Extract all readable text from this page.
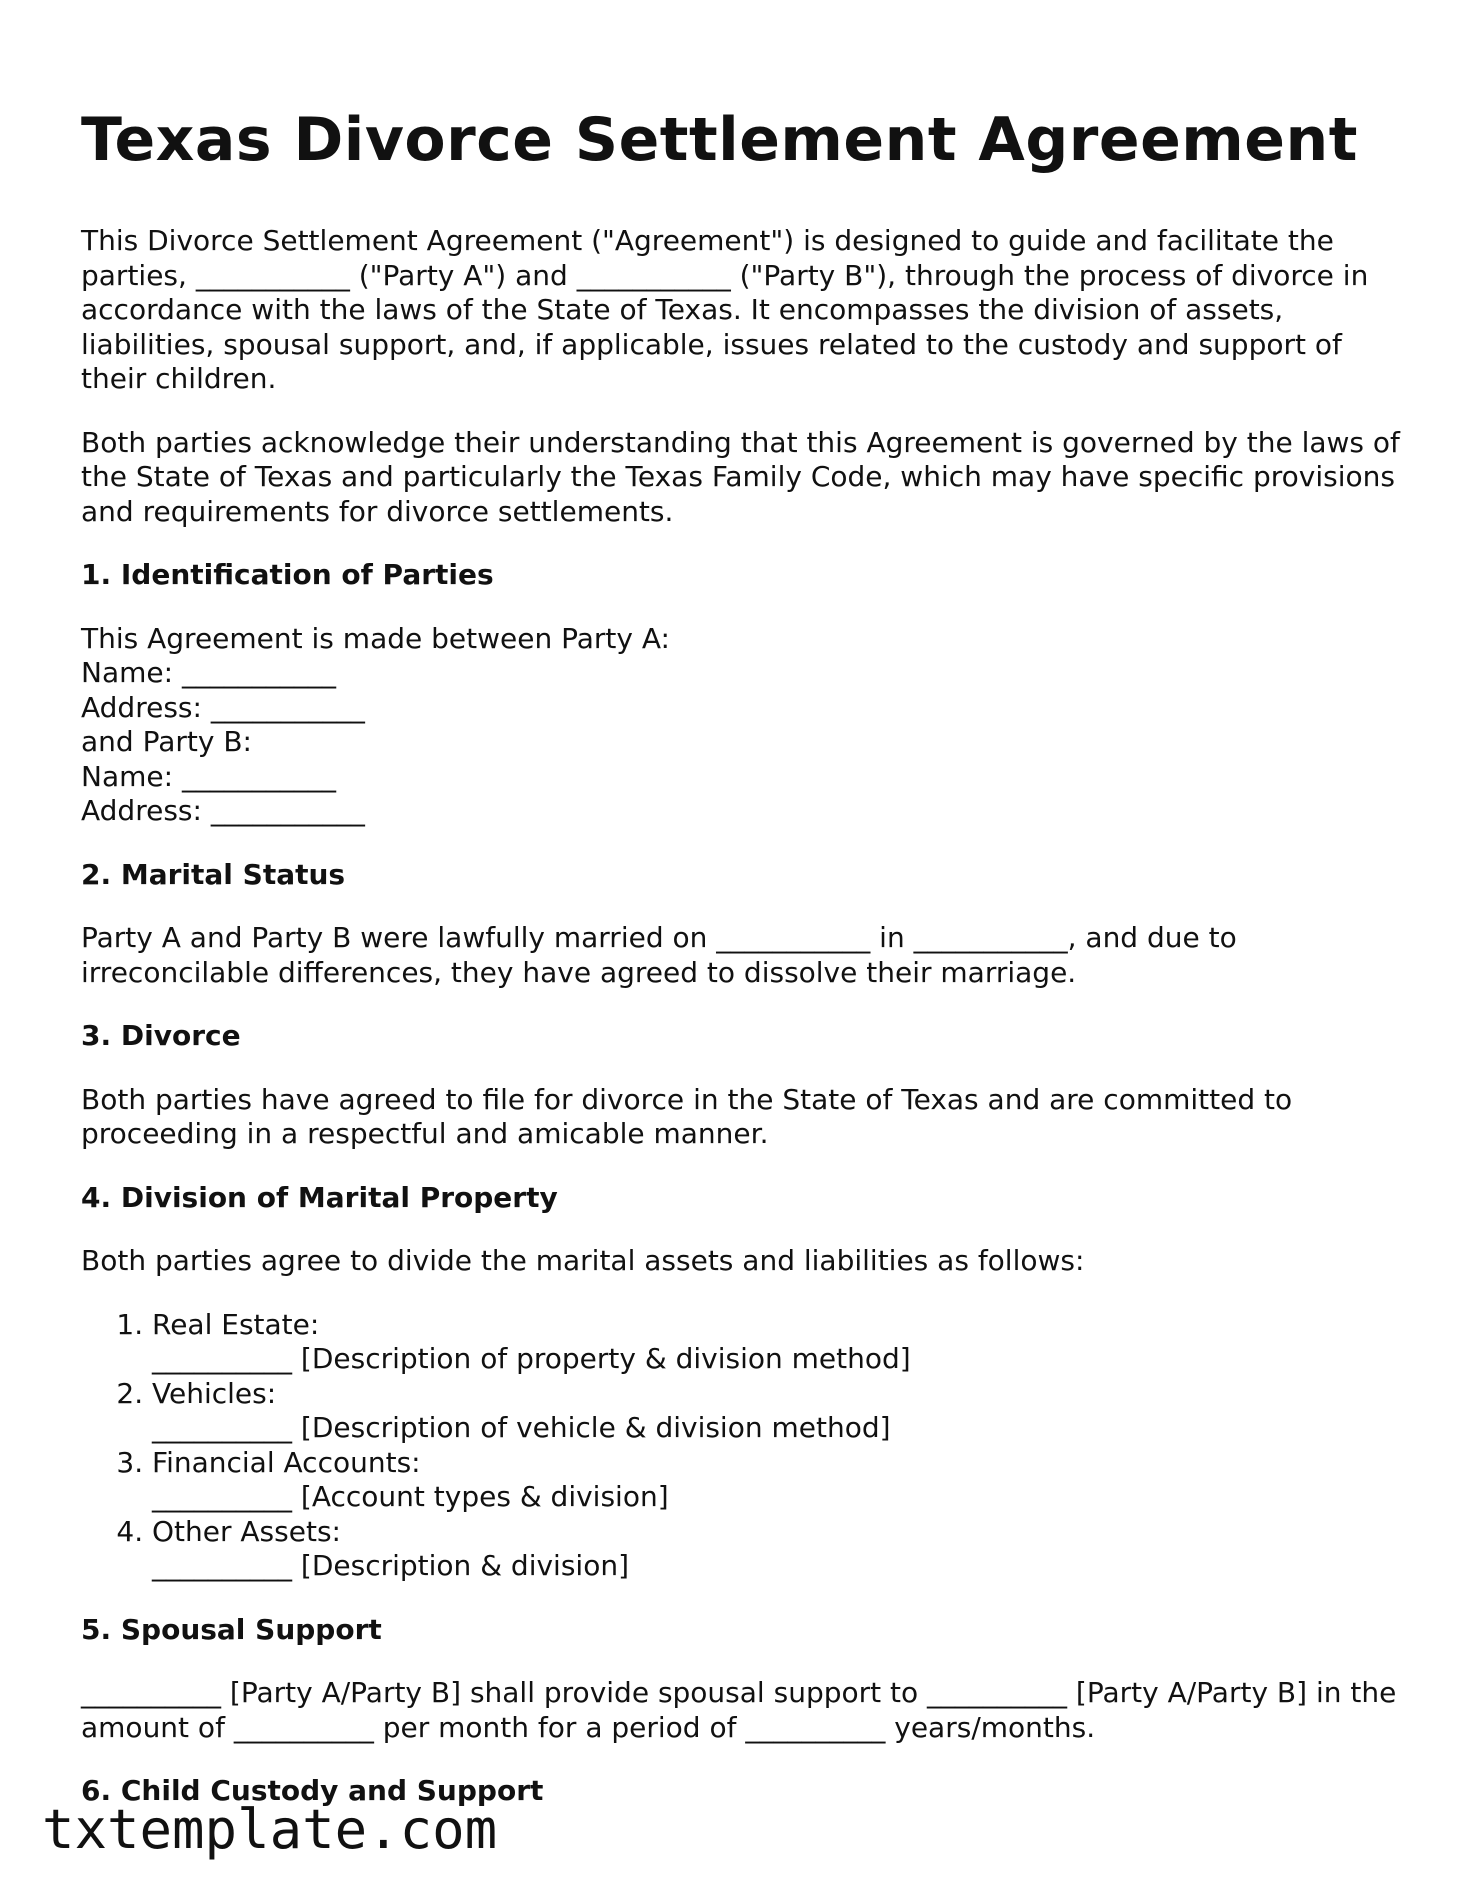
Texas Divorce Settlement Agreement

This Divorce Settlement Agreement ("Agreement") is designed to guide and facilitate the parties, ___________ ("Party A") and ___________ ("Party B"), through the process of divorce in accordance with the laws of the State of Texas. It encompasses the division of assets, liabilities, spousal support, and, if applicable, issues related to the custody and support of their children.

Both parties acknowledge their understanding that this Agreement is governed by the laws of the State of Texas and particularly the Texas Family Code, which may have specific provisions and requirements for divorce settlements.

1. Identification of Parties
This Agreement is made between Party A:
Name: ___________
Address: ___________
and Party B:
Name: ___________
Address: ___________
2. Marital Status

Party A and Party B were lawfully married on ___________ in ___________, and due to irreconcilable differences, they have agreed to dissolve their marriage.

3. Divorce

Both parties have agreed to file for divorce in the State of Texas and are committed to proceeding in a respectful and amicable manner.

4. Division of Marital Property

Both parties agree to divide the marital assets and liabilities as follows:

1. Real Estate:
__________ [Description of property & division method]
2. Vehicles:
__________ [Description of vehicle & division method]
3. Financial Accounts:
__________ [Account types & division]
4. Other Assets:
__________ [Description & division]
5. Spousal Support

__________ [Party A/Party B] shall provide spousal support to __________ [Party A/Party B] in the amount of __________ per month for a period of __________ years/months.

6. Child Custody and Support
txtemplate.com
